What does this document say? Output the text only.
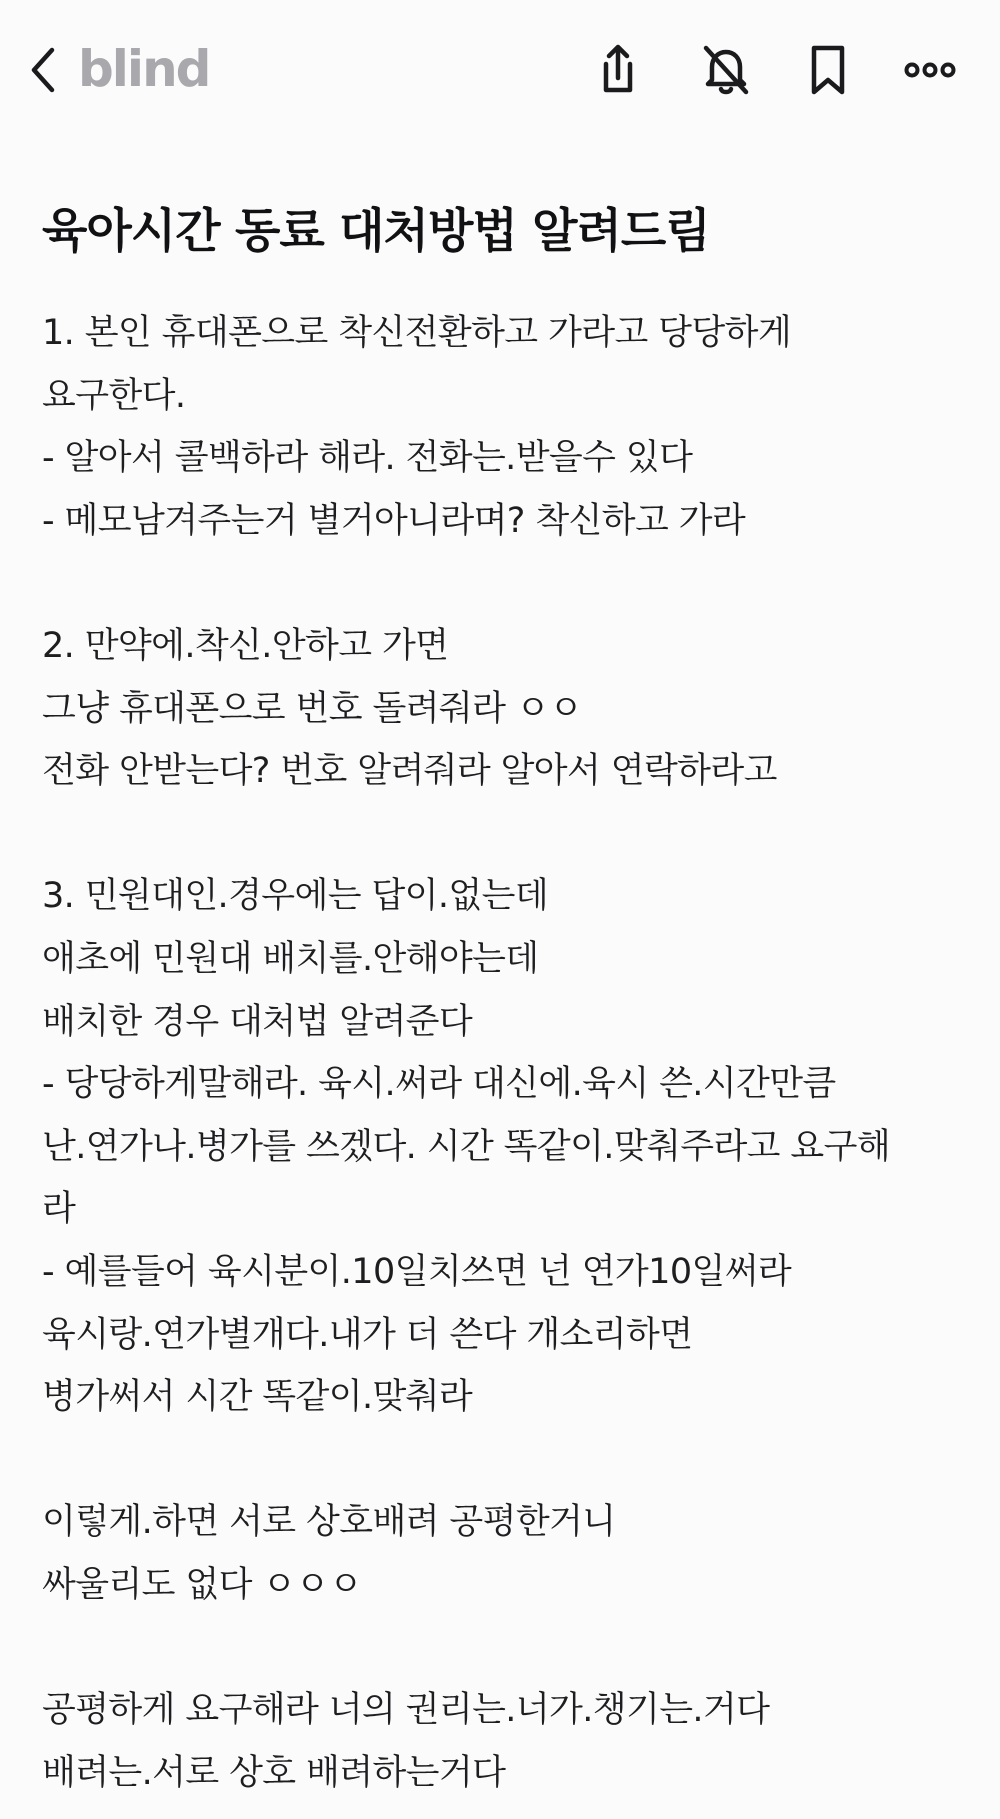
blind
육아시간 동료 대처방법 알려드림
1. 본인 휴대폰으로 착신전환하고 가라고 당당하게
요구한다.
- 알아서 콜백하라 해라. 전화는.받을수 있다
- 메모남겨주는거 별거아니라며? 착신하고 가라
2. 만약에.착신.안하고 가면
그냥 휴대폰으로 번호 돌려줘라 ㅇㅇ
전화 안받는다? 번호 알려줘라 알아서 연락하라고
3. 민원대인.경우에는 답이.없는데
애초에 민원대 배치를.안해야는데
배치한 경우 대처법 알려준다
- 당당하게말해라. 육시.써라 대신에.육시 쓴.시간만큼
난.연가나.병가를 쓰겠다. 시간 똑같이.맞춰주라고 요구해
라
- 예를들어 육시분이.10일치쓰면 넌 연가10일써라
육시랑.연가별개다.내가 더 쓴다 개소리하면
병가써서 시간 똑같이.맞춰라
이렇게.하면 서로 상호배려 공평한거니
싸울리도 없다 ㅇㅇㅇ
공평하게 요구해라 너의 권리는.너가.챙기는.거다
배려는.서로 상호 배려하는거다
